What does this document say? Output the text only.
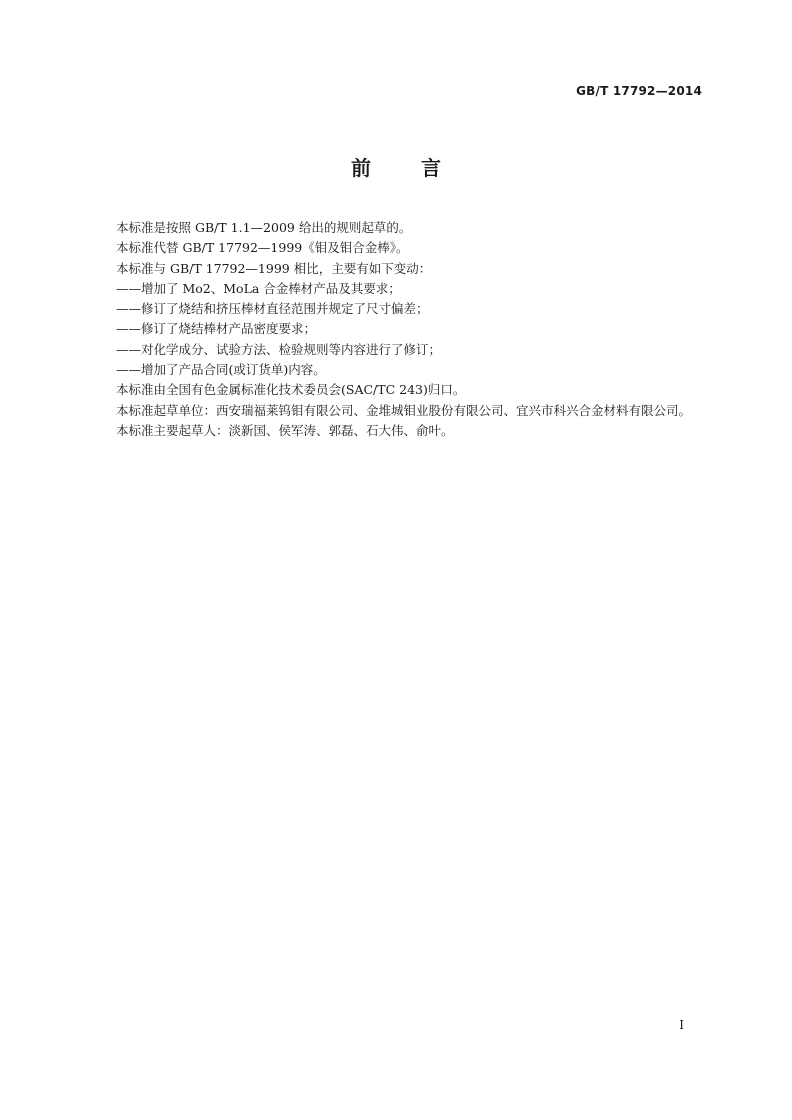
GB/T 17792—2014
前言

本标准是按照 GB/T 1.1—2009 给出的规则起草的。

本标准代替 GB/T 17792—1999《钼及钼合金棒》。

本标准与 GB/T 17792—1999 相比，主要有如下变动：

——增加了 Mo2、MoLa 合金棒材产品及其要求；

——修订了烧结和挤压棒材直径范围并规定了尺寸偏差；

——修订了烧结棒材产品密度要求；

——对化学成分、试验方法、检验规则等内容进行了修订；

——增加了产品合同(或订货单)内容。

本标准由全国有色金属标准化技术委员会(SAC/TC 243)归口。

本标准起草单位：西安瑞福莱钨钼有限公司、金堆城钼业股份有限公司、宜兴市科兴合金材料有限公司。

本标准主要起草人：淡新国、侯军涛、郭磊、石大伟、俞叶。

I
